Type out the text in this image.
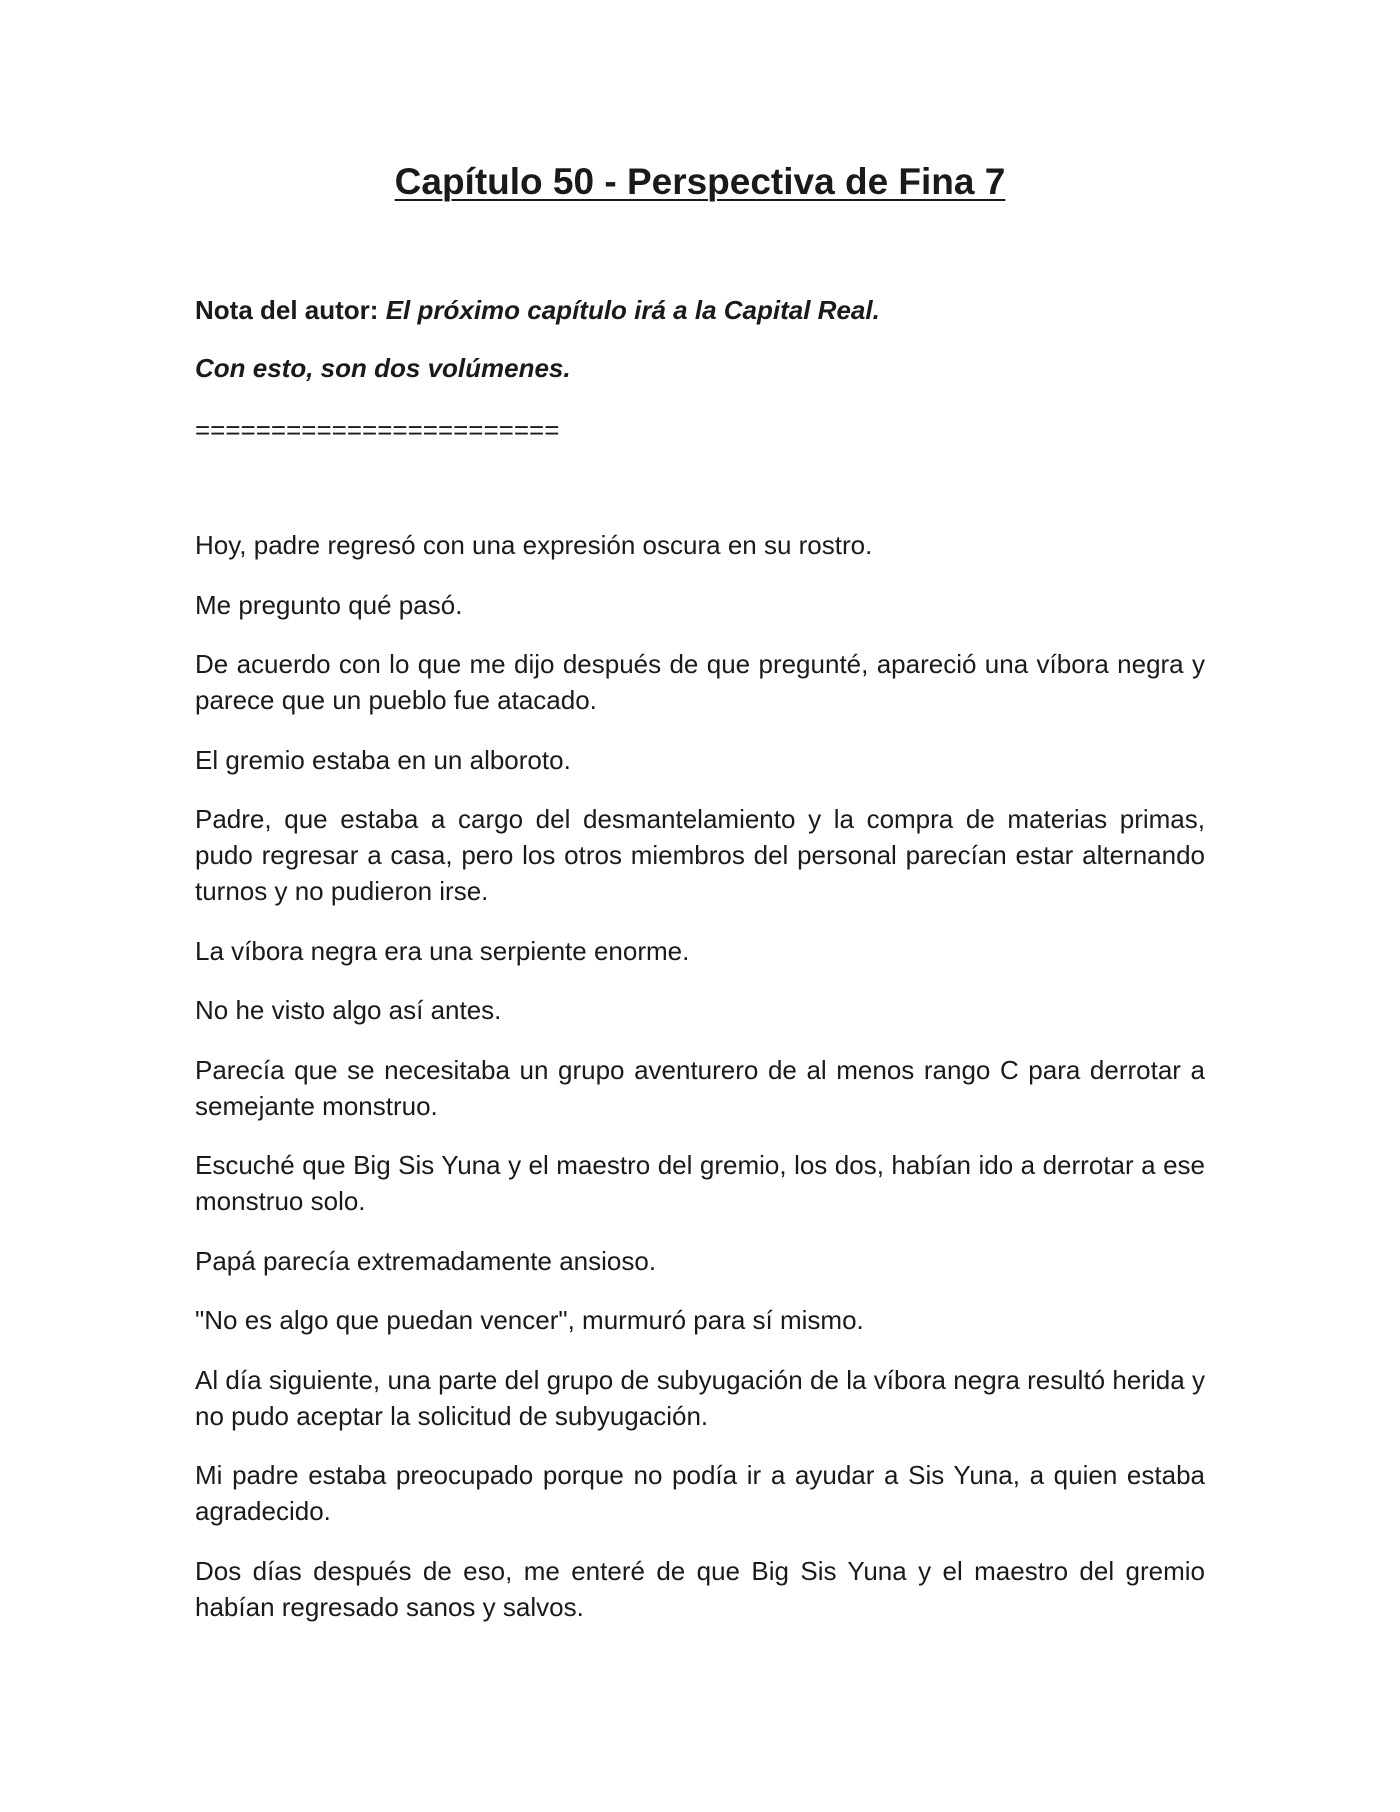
Capítulo 50 - Perspectiva de Fina 7

Nota del autor: El próximo capítulo irá a la Capital Real.

Con esto, son dos volúmenes.

========================

Hoy, padre regresó con una expresión oscura en su rostro.

Me pregunto qué pasó.

De acuerdo con lo que me dijo después de que pregunté, apareció una víbora negra y parece que un pueblo fue atacado.

El gremio estaba en un alboroto.

Padre, que estaba a cargo del desmantelamiento y la compra de materias primas, pudo regresar a casa, pero los otros miembros del personal parecían estar alternando turnos y no pudieron irse.

La víbora negra era una serpiente enorme.

No he visto algo así antes.

Parecía que se necesitaba un grupo aventurero de al menos rango C para derrotar a semejante monstruo.

Escuché que Big Sis Yuna y el maestro del gremio, los dos, habían ido a derrotar a ese monstruo solo.

Papá parecía extremadamente ansioso.

"No es algo que puedan vencer", murmuró para sí mismo.

Al día siguiente, una parte del grupo de subyugación de la víbora negra resultó herida y no pudo aceptar la solicitud de subyugación.

Mi padre estaba preocupado porque no podía ir a ayudar a Sis Yuna, a quien estaba agradecido.

Dos días después de eso, me enteré de que Big Sis Yuna y el maestro del gremio habían regresado sanos y salvos.
